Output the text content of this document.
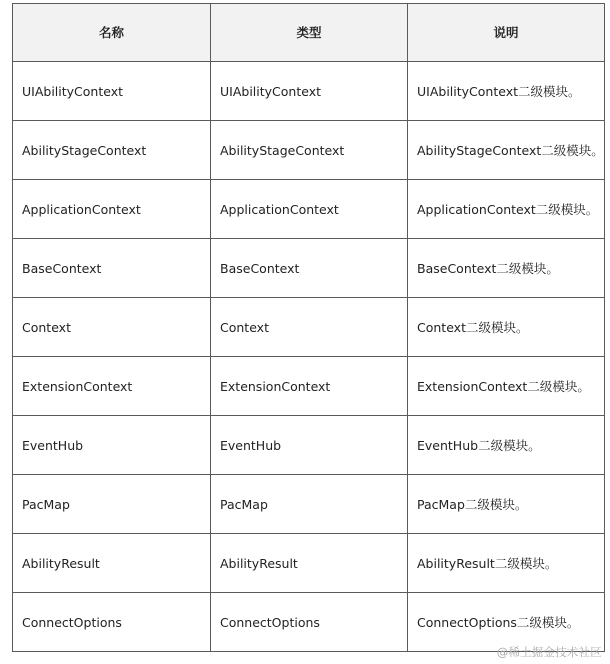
名称	类型	说明
UIAbilityContext	UIAbilityContext	UIAbilityContext二级模块。
AbilityStageContext	AbilityStageContext	AbilityStageContext二级模块。
ApplicationContext	ApplicationContext	ApplicationContext二级模块。
BaseContext	BaseContext	BaseContext二级模块。
Context	Context	Context二级模块。
ExtensionContext	ExtensionContext	ExtensionContext二级模块。
EventHub	EventHub	EventHub二级模块。
PacMap	PacMap	PacMap二级模块。
AbilityResult	AbilityResult	AbilityResult二级模块。
ConnectOptions	ConnectOptions	ConnectOptions二级模块。
@稀土掘金技术社区
